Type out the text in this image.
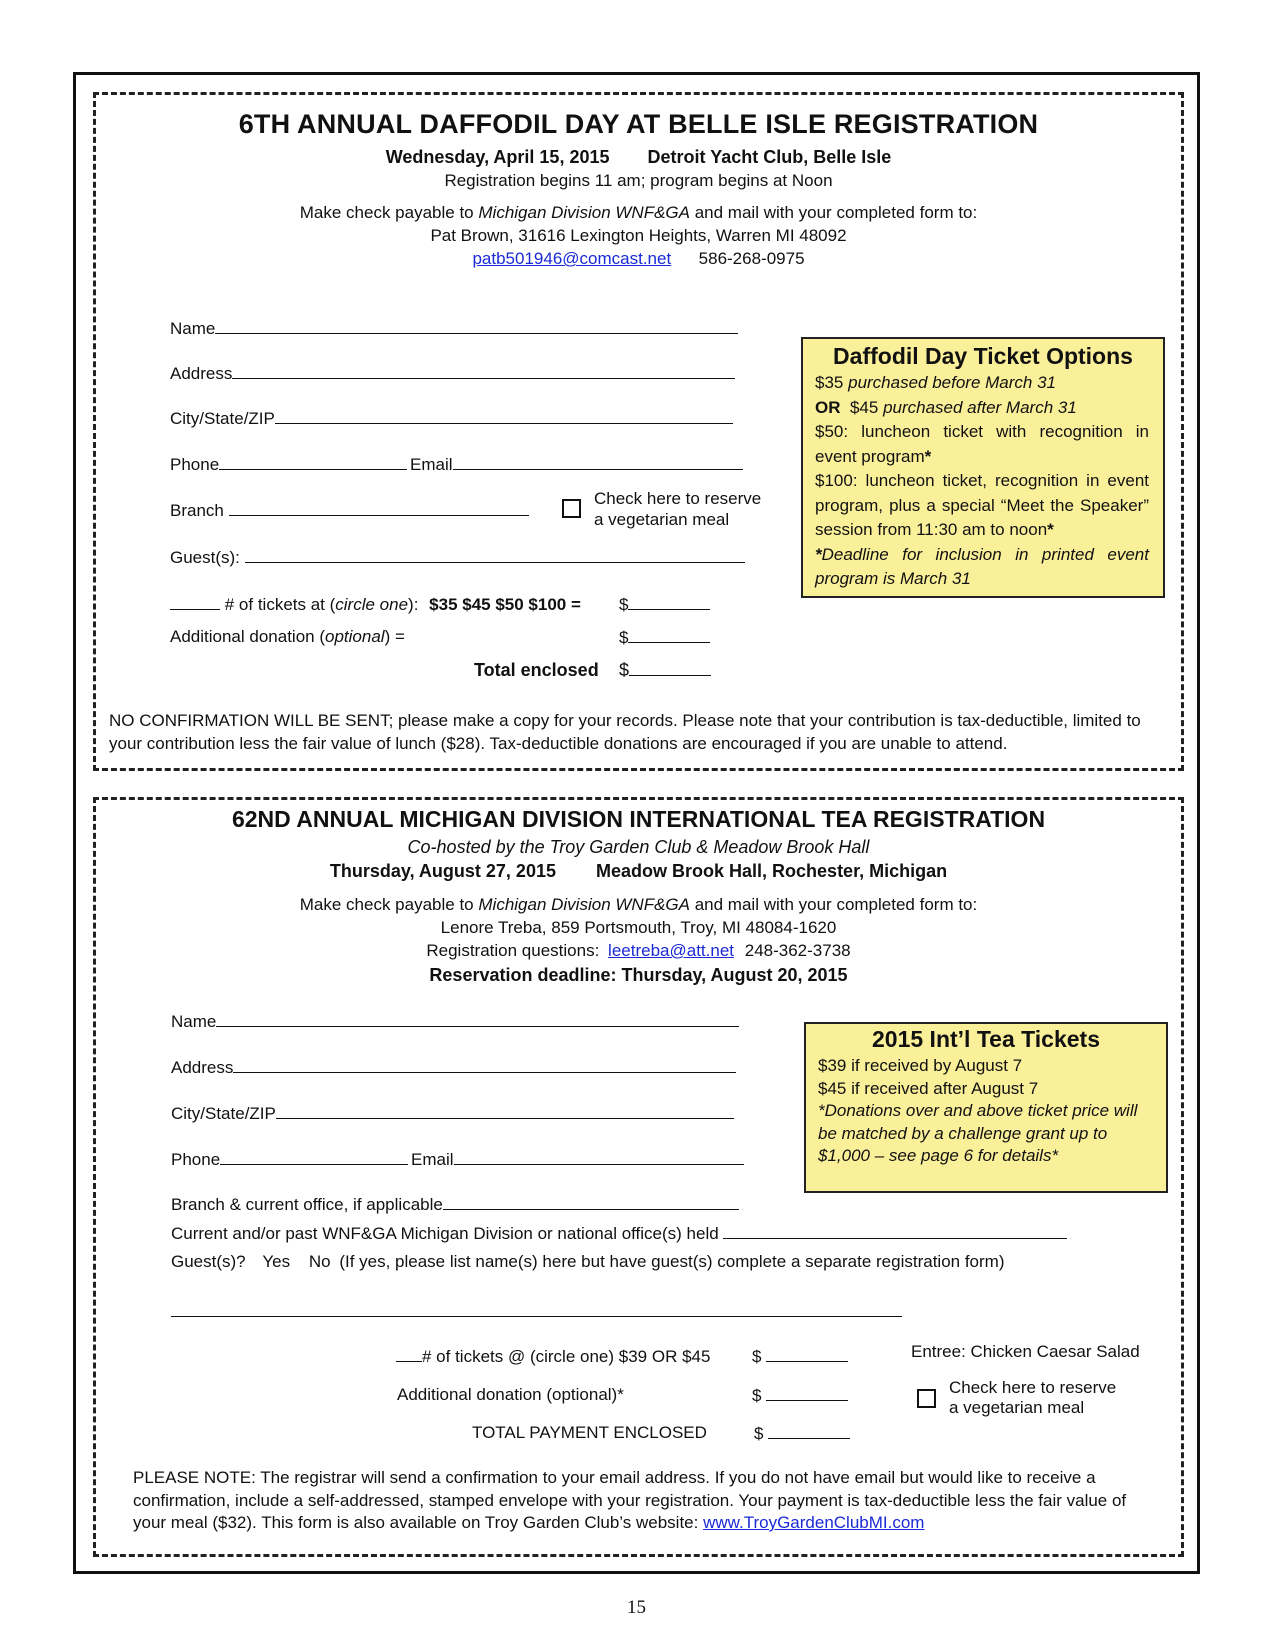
6TH ANNUAL DAFFODIL DAY AT BELLE ISLE REGISTRATION
Wednesday, April 15, 2015 Detroit Yacht Club, Belle Isle
Registration begins 11 am; program begins at Noon
Make check payable to Michigan Division WNF&GA and mail with your completed form to:
Pat Brown, 31616 Lexington Heights, Warren MI 48092
patb501946@comcast.net 586-268-0975
Name
Address
City/State/ZIP
Phone	Email
Branch
Check here to reserve
a vegetarian meal
Guest(s):
# of tickets at (circle one): $35 $45 $50 $100 = $
Additional donation (optional) =	$
Total enclosed $
NO CONFIRMATION WILL BE SENT; please make a copy for your records. Please note that your contribution is tax-deductible, limited to
your contribution less the fair value of lunch ($28). Tax-deductible donations are encouraged if you are unable to attend.
Daffodil Day Ticket Options
$35 purchased before March 31
OR $45 purchased after March 31
$50: luncheon ticket with recognition in event program*
$100: luncheon ticket, recognition in event program, plus a special “Meet the Speaker” session from 11:30 am to noon*
*Deadline for inclusion in printed event program is March 31
62ND ANNUAL MICHIGAN DIVISION INTERNATIONAL TEA REGISTRATION
Co-hosted by the Troy Garden Club & Meadow Brook Hall
Thursday, August 27, 2015 Meadow Brook Hall, Rochester, Michigan
Make check payable to Michigan Division WNF&GA and mail with your completed form to:
Lenore Treba, 859 Portsmouth, Troy, MI 48084-1620
Registration questions: leetreba@att.net 248-362-3738
Reservation deadline: Thursday, August 20, 2015
Name
Address
City/State/ZIP
Phone	Email
Branch & current office, if applicable
Current and/or past WNF&GA Michigan Division or national office(s) held
Guest(s)? Yes No (If yes, please list name(s) here but have guest(s) complete a separate registration form)
# of tickets @ (circle one) $39 OR $45 $
Additional donation (optional)*	$
TOTAL PAYMENT ENCLOSED	$
Entree: Chicken Caesar Salad
Check here to reserve
a vegetarian meal
PLEASE NOTE: The registrar will send a confirmation to your email address. If you do not have email but would like to receive a
confirmation, include a self-addressed, stamped envelope with your registration. Your payment is tax-deductible less the fair value of
your meal ($32). This form is also available on Troy Garden Club’s website: www.TroyGardenClubMI.com
2015 Int’l Tea Tickets
$39 if received by August 7
$45 if received after August 7
*Donations over and above ticket price will
be matched by a challenge grant up to
$1,000 – see page 6 for details*
15
